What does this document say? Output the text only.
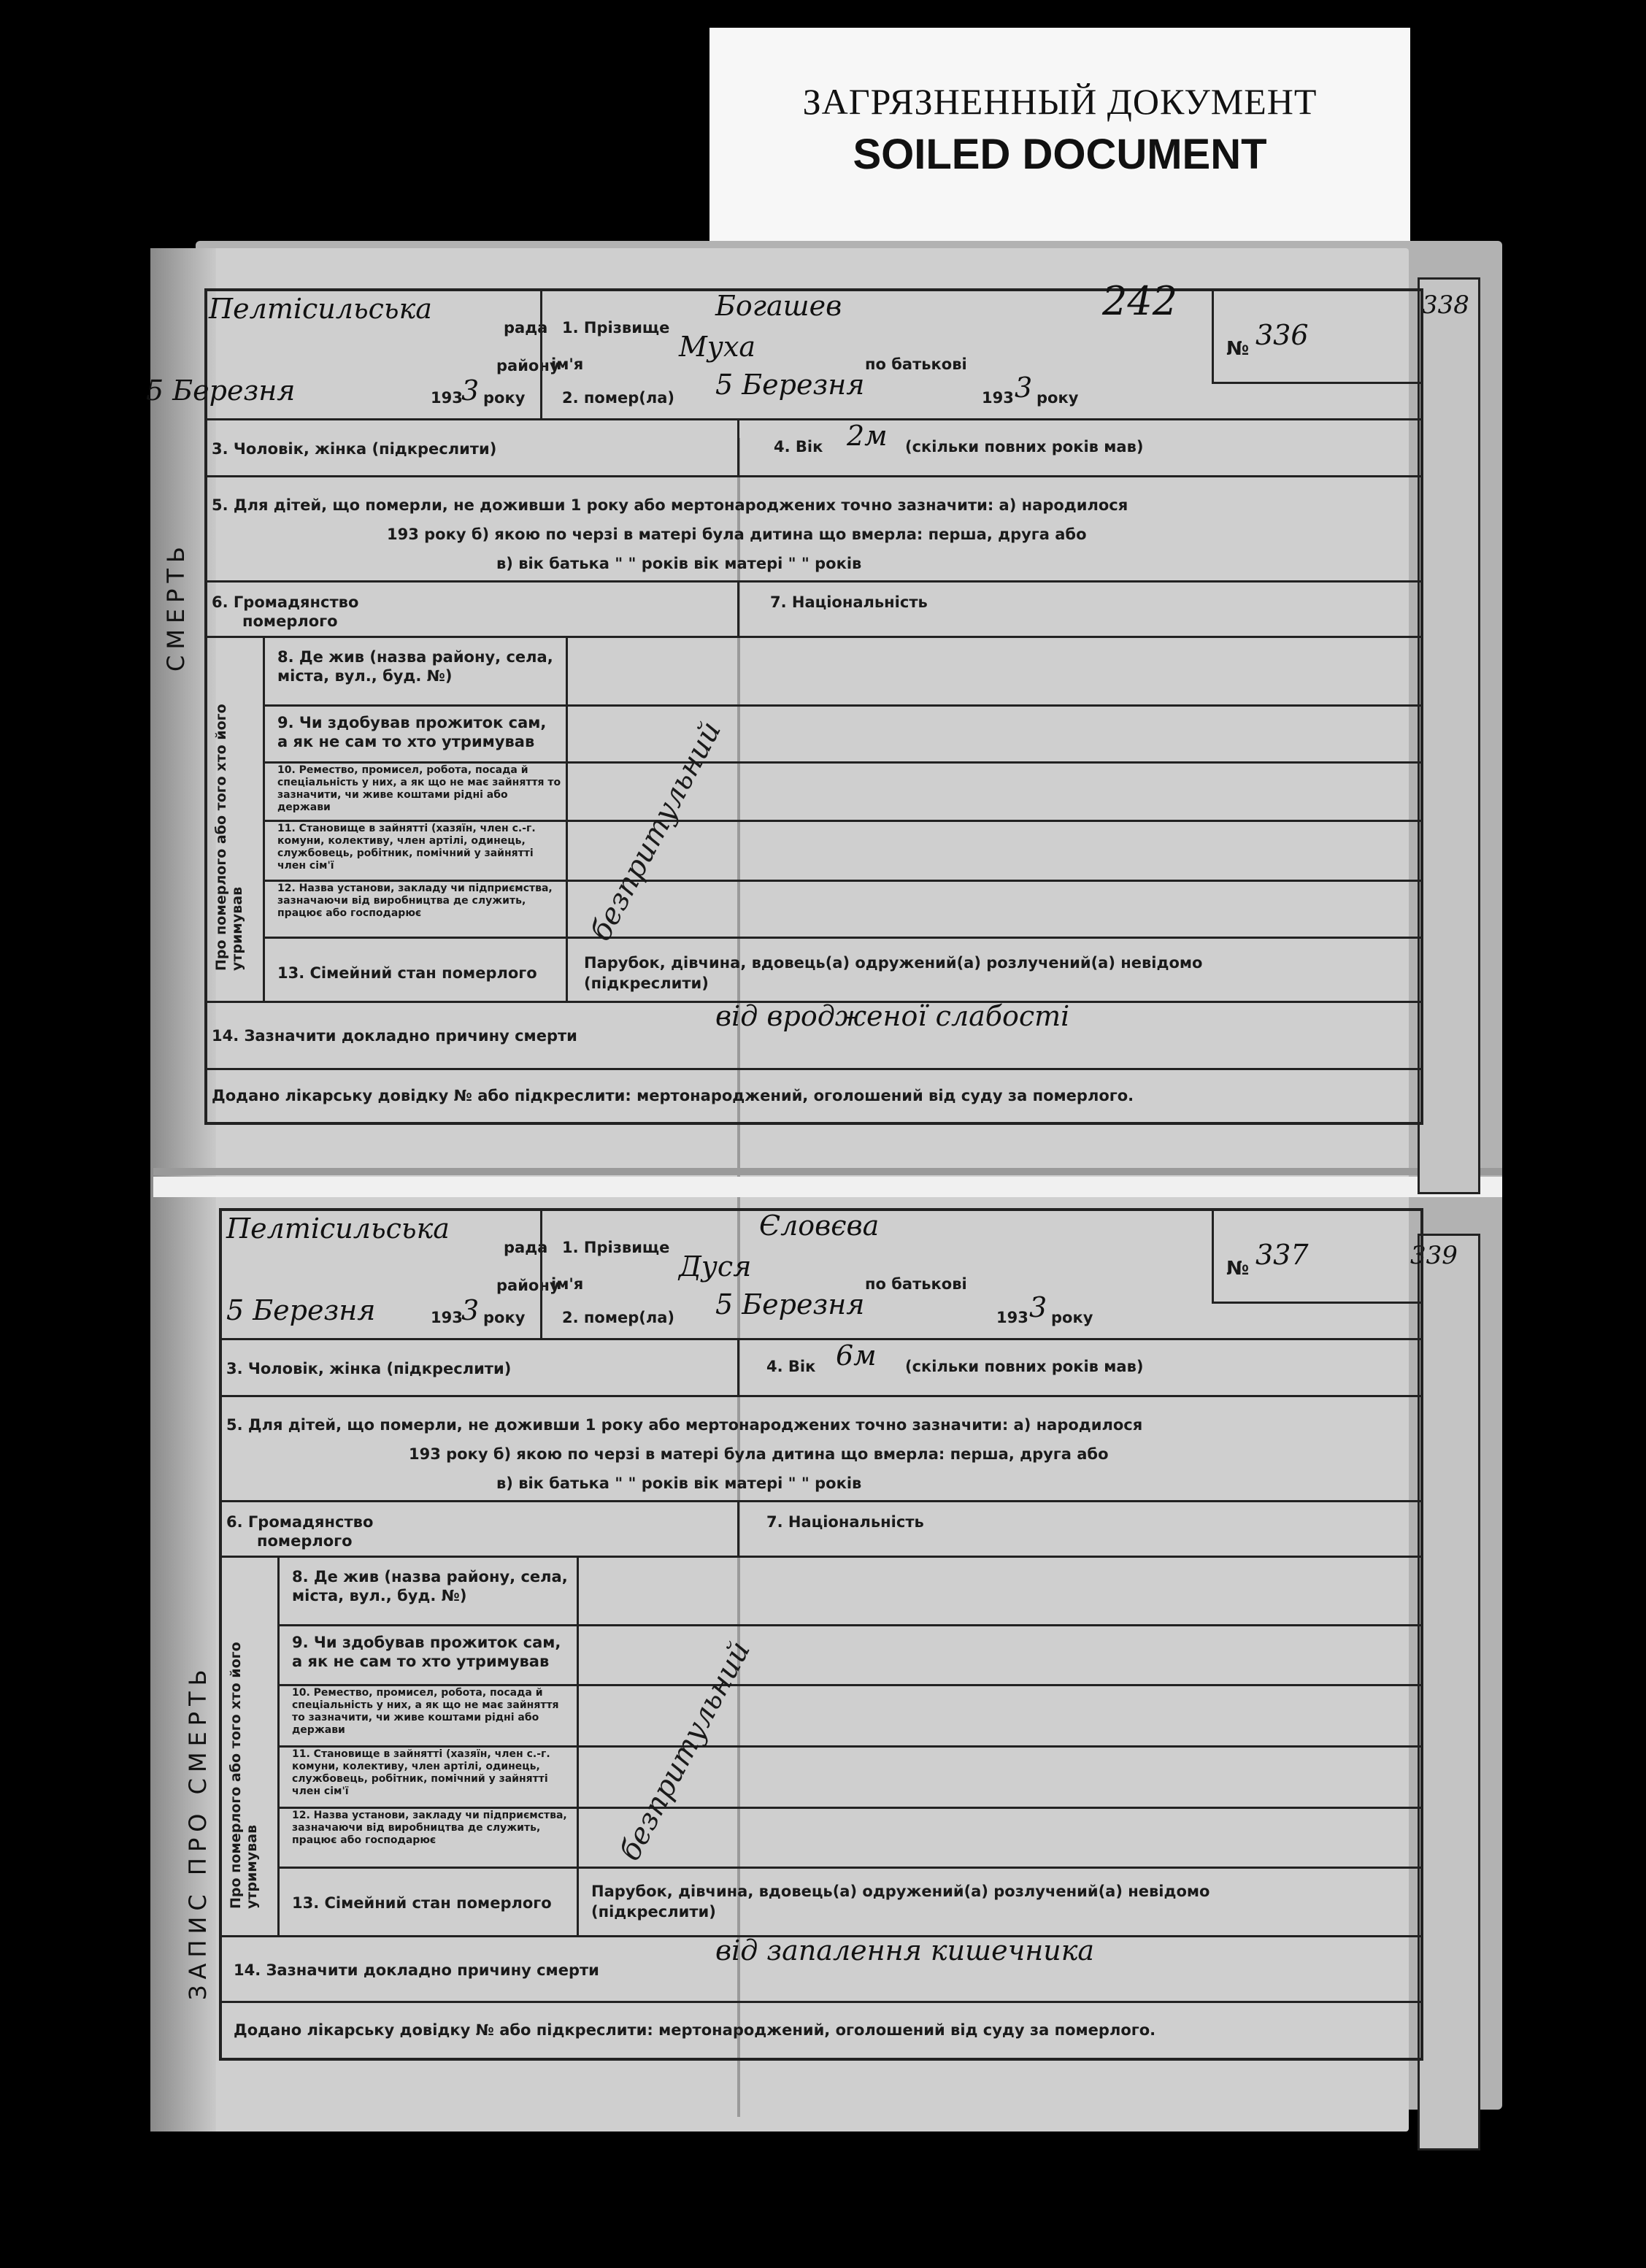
ЗАГРЯЗНЕННЫЙ ДОКУМЕНТ
SOILED DOCUMENT
338
339
СМЕРТЬ
ЗАПИС ПРО СМЕРТЬ
Пелтісильська
рада
району
5 Березня	193
3 року
1. Прізвище
Богашев
ім'я
Муха
по батькові
2. помер(ла) 5 Березня	193 3 року
242
№ 336
3. Чоловік, жінка (підкреслити)	4. Вік 2м (скільки повних років мав)
5. Для дітей, що померли, не доживши 1 року або мертонароджених точно зазначити: а) народилося
193 року б) якою по черзі в матері була дитина що вмерла: перша, друга або
в) вік батька " " років вік матері " " років
6. Громадянство
померлого
7. Національність
Про померлого або того хто його утримував
8. Де жив (назва району, села, міста, вул., буд. №)
9. Чи здобував прожиток сам, а як не сам то хто утримував
10. Ремество, промисел, робота, посада й спеціальність у них, а як що не має зайняття то зазначити, чи живе коштами рідні або держави
11. Становище в зайнятті (хазяїн, член с.-г. комуни, колективу, член артілі, одинець, службовець, робітник, помічний у зайнятті член сім'ї
12. Назва установи, закладу чи підприємства, зазначаючи від виробництва де служить, працює або господарює
13. Сімейний стан померлого
Парубок, дівчина, вдовець(а) одружений(а) розлучений(а) невідомо (підкреслити)
безпритульний
14. Зазначити докладно причину смерти
від вродженої слабості
Додано лікарську довідку № або підкреслити: мертонароджений, оголошений від суду за померлого.
Пелтісильська
рада
району
5 Березня	193
3 року
1. Прізвище
Єловєва
ім'я
Дуся
по батькові
2. помер(ла) 5 Березня	193 3 року
№ 337
3. Чоловік, жінка (підкреслити)	4. Вік 6м (скільки повних років мав)
5. Для дітей, що померли, не доживши 1 року або мертонароджених точно зазначити: а) народилося
193 року б) якою по черзі в матері була дитина що вмерла: перша, друга або
в) вік батька " " років вік матері " " років
6. Громадянство
померлого
7. Національність
Про померлого або того хто його утримував
8. Де жив (назва району, села, міста, вул., буд. №)
9. Чи здобував прожиток сам, а як не сам то хто утримував
10. Ремество, промисел, робота, посада й спеціальність у них, а як що не має зайняття то зазначити, чи живе коштами рідні або держави
11. Становище в зайнятті (хазяїн, член с.-г. комуни, колективу, член артілі, одинець, службовець, робітник, помічний у зайнятті член сім'ї
12. Назва установи, закладу чи підприємства, зазначаючи від виробництва де служить, працює або господарює
13. Сімейний стан померлого
Парубок, дівчина, вдовець(а) одружений(а) розлучений(а) невідомо (підкреслити)
безпритульний
14. Зазначити докладно причину смерти
від запалення кишечника
Додано лікарську довідку № або підкреслити: мертонароджений, оголошений від суду за померлого.
